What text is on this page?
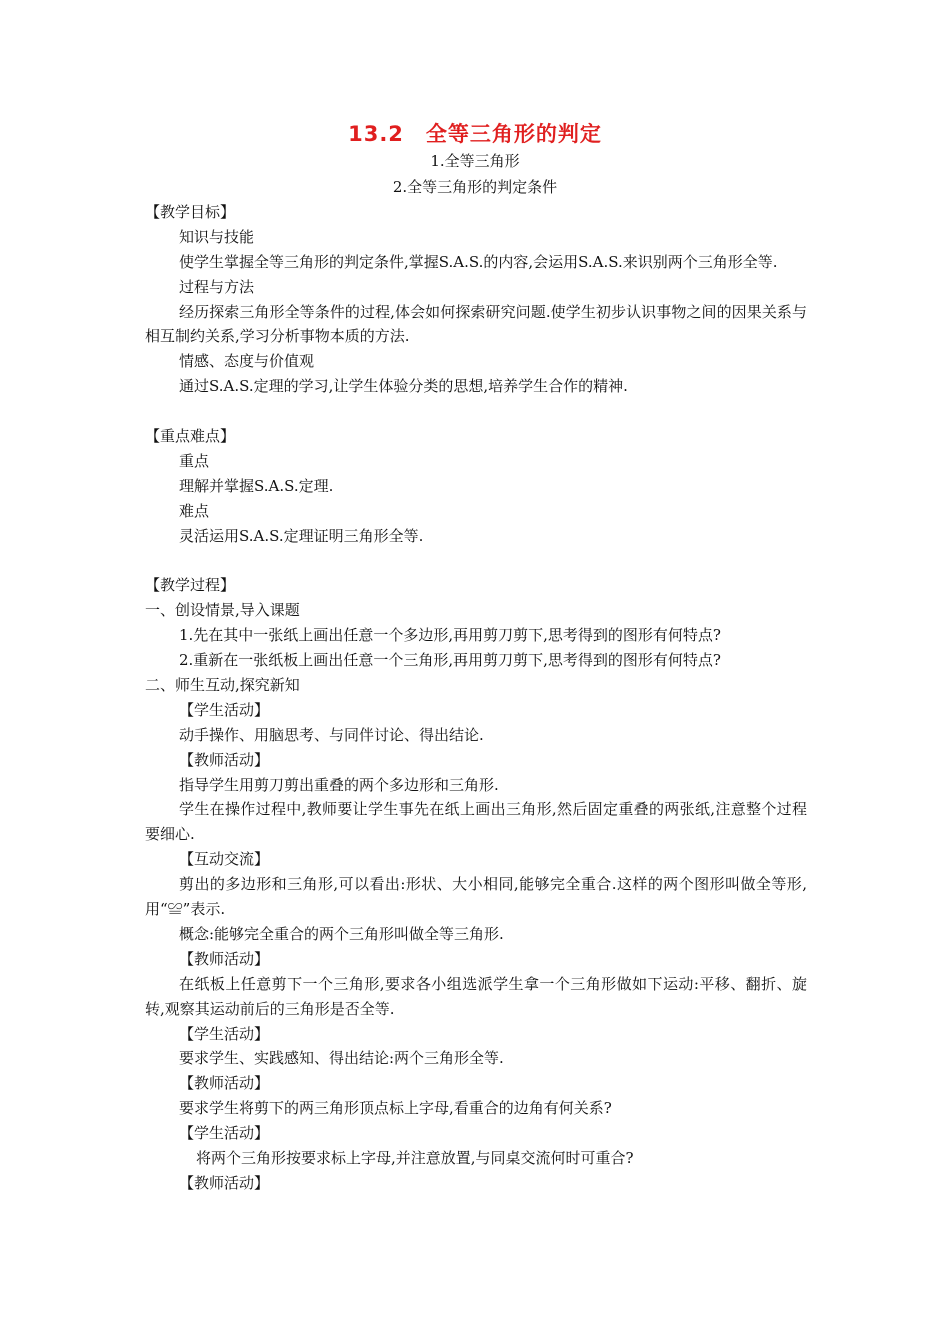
13.2　全等三角形的判定
1.全等三角形
2.全等三角形的判定条件
【教学目标】
知识与技能
使学生掌握全等三角形的判定条件,掌握S.A.S.的内容,会运用S.A.S.来识别两个三角形全等.
过程与方法
经历探索三角形全等条件的过程,体会如何探索研究问题.使学生初步认识事物之间的因果关系与相互制约关系,学习分析事物本质的方法.
情感、态度与价值观
通过S.A.S.定理的学习,让学生体验分类的思想,培养学生合作的精神.
【重点难点】
重点
理解并掌握S.A.S.定理.
难点
灵活运用S.A.S.定理证明三角形全等.
【教学过程】
一、创设情景,导入课题
1.先在其中一张纸上画出任意一个多边形,再用剪刀剪下,思考得到的图形有何特点?
2.重新在一张纸板上画出任意一个三角形,再用剪刀剪下,思考得到的图形有何特点?
二、师生互动,探究新知
【学生活动】
动手操作、用脑思考、与同伴讨论、得出结论.
【教师活动】
指导学生用剪刀剪出重叠的两个多边形和三角形.
学生在操作过程中,教师要让学生事先在纸上画出三角形,然后固定重叠的两张纸,注意整个过程要细心.
【互动交流】
剪出的多边形和三角形,可以看出:形状、大小相同,能够完全重合.这样的两个图形叫做全等形,用“≌”表示.
概念:能够完全重合的两个三角形叫做全等三角形.
【教师活动】
在纸板上任意剪下一个三角形,要求各小组选派学生拿一个三角形做如下运动:平移、翻折、旋转,观察其运动前后的三角形是否全等.
【学生活动】
要求学生、实践感知、得出结论:两个三角形全等.
【教师活动】
要求学生将剪下的两三角形顶点标上字母,看重合的边角有何关系?
【学生活动】
将两个三角形按要求标上字母,并注意放置,与同桌交流何时可重合?
【教师活动】
